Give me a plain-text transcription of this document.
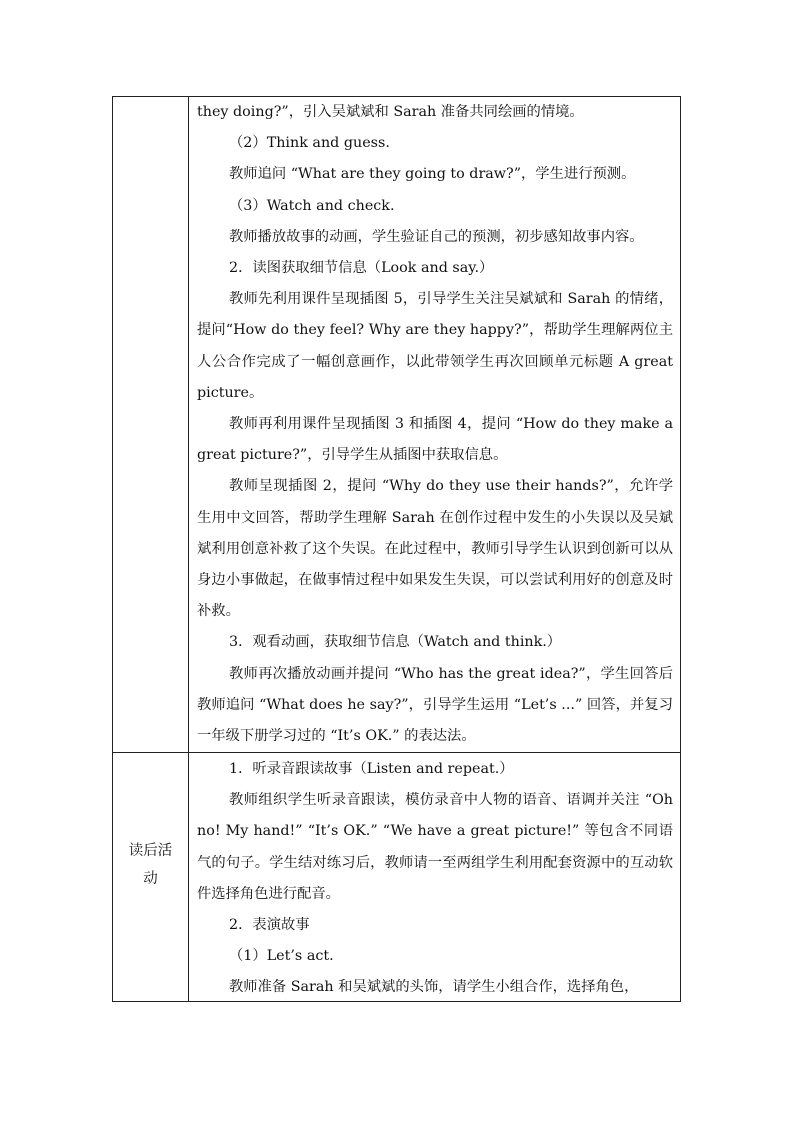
they doing?”，引入吴斌斌和 Sarah 准备共同绘画的情境。

（2）Think and guess.

教师追问 “What are they going to draw?”，学生进行预测。

（3）Watch and check.

教师播放故事的动画，学生验证自己的预测，初步感知故事内容。

2．读图获取细节信息（Look and say.）

教师先利用课件呈现插图 5，引导学生关注吴斌斌和 Sarah 的情绪，提问“How do they feel? Why are they happy?”，帮助学生理解两位主人公合作完成了一幅创意画作，以此带领学生再次回顾单元标题 A great picture。

教师再利用课件呈现插图 3 和插图 4，提问 “How do they make a great picture?”，引导学生从插图中获取信息。

教师呈现插图 2，提问 “Why do they use their hands?”，允许学生用中文回答，帮助学生理解 Sarah 在创作过程中发生的小失误以及吴斌斌利用创意补救了这个失误。在此过程中，教师引导学生认识到创新可以从身边小事做起，在做事情过程中如果发生失误，可以尝试利用好的创意及时补救。

3．观看动画，获取细节信息（Watch and think.）

教师再次播放动画并提问 “Who has the great idea?”，学生回答后教师追问 “What does he say?”，引导学生运用 “Let’s ...” 回答，并复习一年级下册学习过的 “It’s OK.” 的表达法。

读后活
动

1．听录音跟读故事（Listen and repeat.）

教师组织学生听录音跟读，模仿录音中人物的语音、语调并关注 “Oh no! My hand!” “It’s OK.” “We have a great picture!” 等包含不同语气的句子。学生结对练习后，教师请一至两组学生利用配套资源中的互动软件选择角色进行配音。

2．表演故事

（1）Let’s act.

教师准备 Sarah 和吴斌斌的头饰，请学生小组合作，选择角色，
